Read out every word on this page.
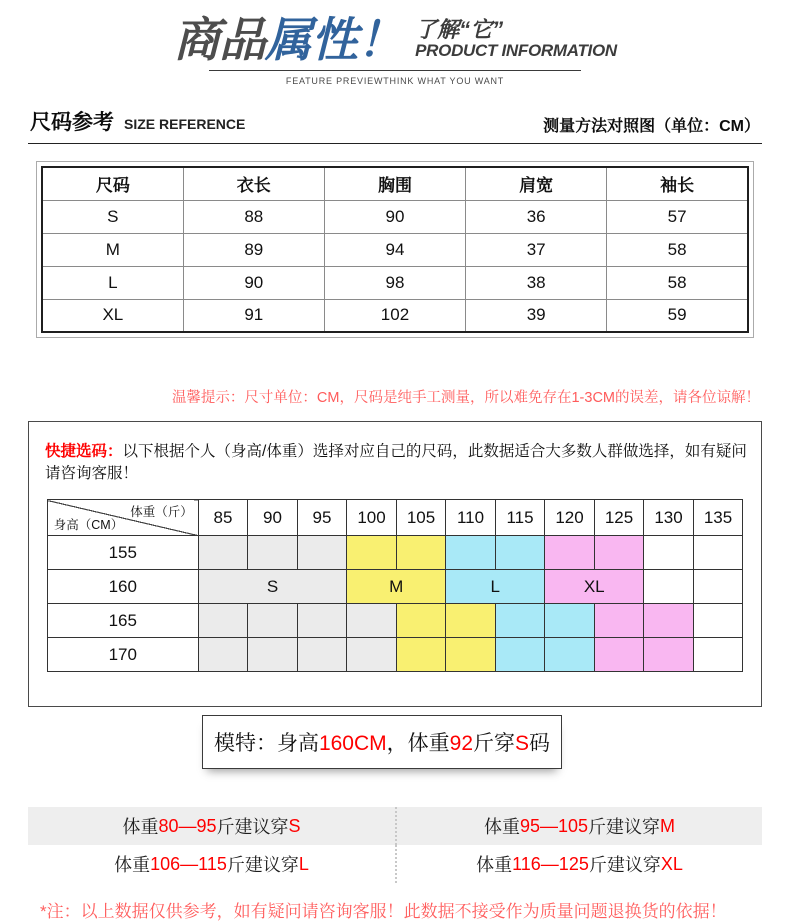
商品属性！ 了解“它”
PRODUCT INFORMATION
FEATURE PREVIEWTHINK WHAT YOU WANT
尺码参考 SIZE REFERENCE	测量方法对照图（单位：CM）
尺码	衣长	胸围	肩宽	袖长
S	88	90	36	57
M	89	94	37	58
L	90	98	38	58
XL	91	102	39	59
温馨提示：尺寸单位：CM，尺码是纯手工测量，所以难免存在1-3CM的误差，请各位谅解！
快捷选码：以下根据个人（身高/体重）选择对应自己的尺码，此数据适合大多数人群做选择，如有疑问请咨询客服！
体重（斤）
身高（CM）	85	90	95	100	105	110	115	120	125	130	135
155											
160	S			M		L		XL			
165											
170											
模特：身高160CM，体重92斤穿S码
体重 80—95 斤建议穿 S	体重 95—105 斤建议穿 M
体重 106—115 斤建议穿 L	体重 116—125 斤建议穿 XL
*注：以上数据仅供参考，如有疑问请咨询客服！此数据不接受作为质量问题退换货的依据！
